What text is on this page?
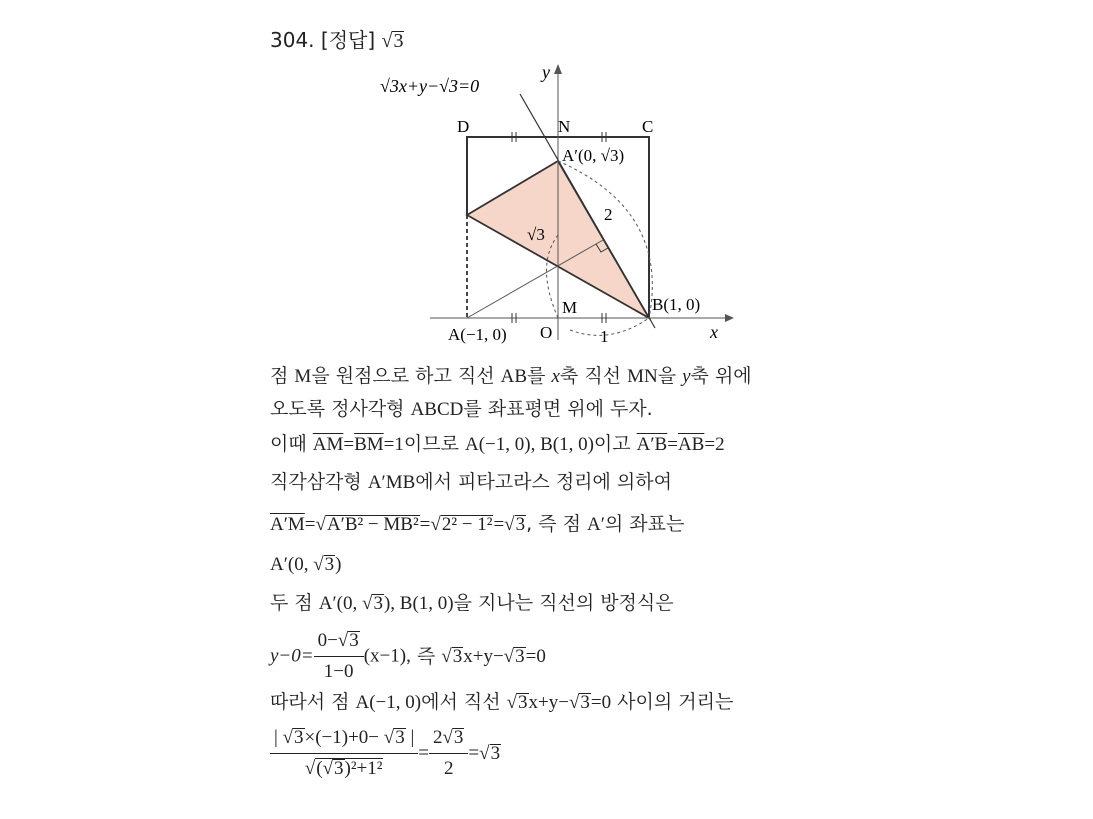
304. [정답] √3
√3x+y−√3=0
y
x
D	N	C
A′(0, √3)
2
√3
M	B(1, 0)
A(−1, 0) O	1
점 M을 원점으로 하고 직선 AB를 x축 직선 MN을 y축 위에
오도록 정사각형 ABCD를 좌표평면 위에 두자.
이때 $\overline{AM}=\overline{BM}=1$이므로 A(−1, 0), B(1, 0)이고 $A'B=\overline{AB}=2$
직각삼각형 A′MB에서 피타고라스 정리에 의하여
A′M=√A′B² − MB²=√2² − 1²=√3, 즉 점 A′의 좌표는
A′(0, √3)
두 점 A′(0, √3), B(1, 0)을 지나는 직선의 방정식은
$y-0= \frac{0-√3}{1-0} (x-1)$, 즉 √3x+y−√3=0
따라서 점 A(−1, 0)에서 직선 √3x+y−√3=0 사이의 거리는
$\frac{| √3\times(-1)+0- √3 |}{\text{√(√3)²+1²}} = \frac{2√3}{2} =√3$
